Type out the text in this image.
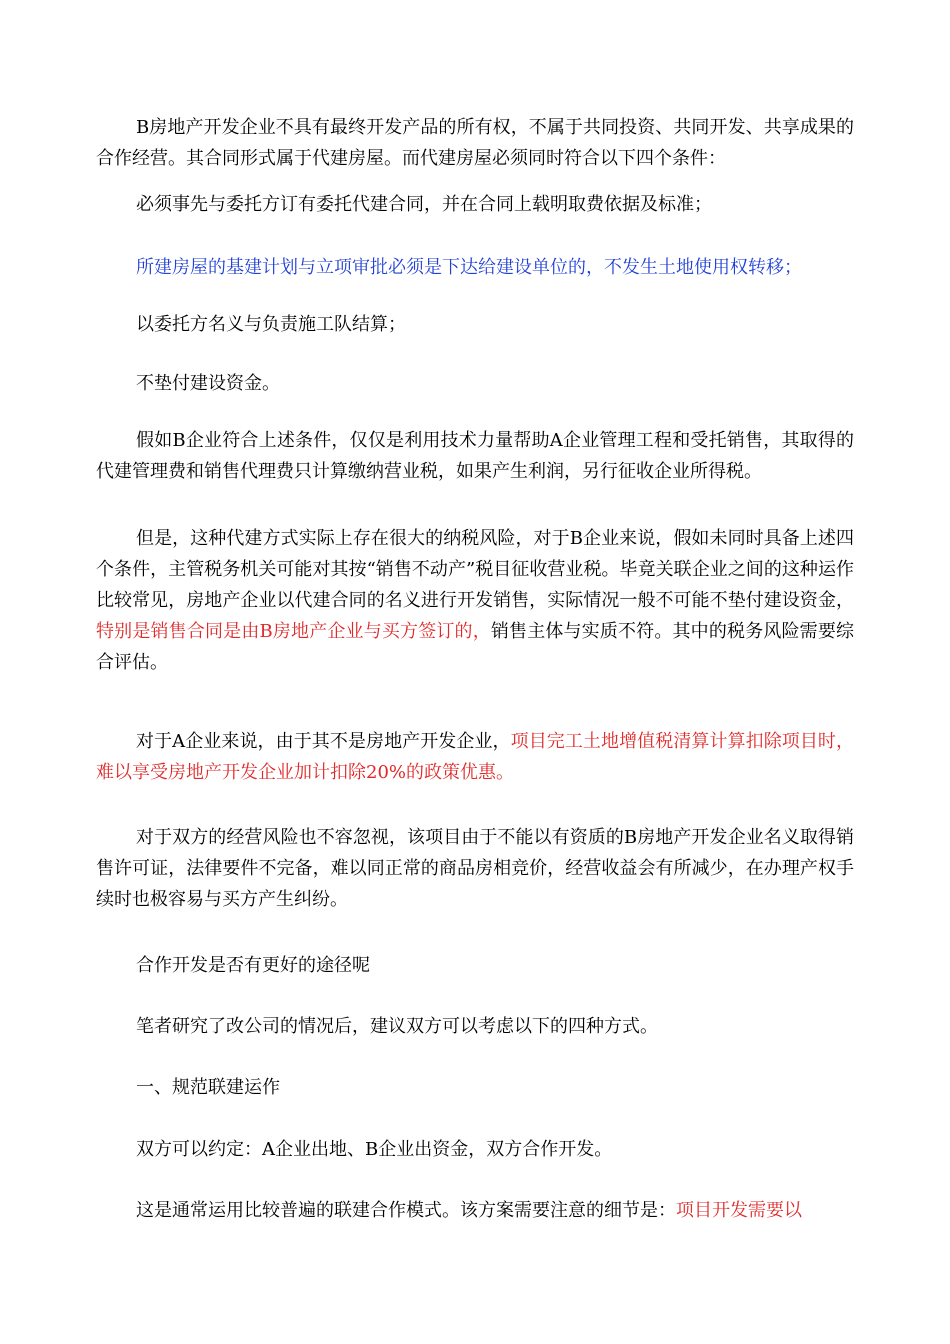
B房地产开发企业不具有最终开发产品的所有权，不属于共同投资、共同开发、共享成果的合作经营。其合同形式属于代建房屋。而代建房屋必须同时符合以下四个条件：

必须事先与委托方订有委托代建合同，并在合同上载明取费依据及标准；

所建房屋的基建计划与立项审批必须是下达给建设单位的，不发生土地使用权转移；

以委托方名义与负责施工队结算；

不垫付建设资金。

假如B企业符合上述条件，仅仅是利用技术力量帮助A企业管理工程和受托销售，其取得的代建管理费和销售代理费只计算缴纳营业税，如果产生利润，另行征收企业所得税。

但是，这种代建方式实际上存在很大的纳税风险，对于B企业来说，假如未同时具备上述四个条件，主管税务机关可能对其按“销售不动产”税目征收营业税。毕竟关联企业之间的这种运作比较常见，房地产企业以代建合同的名义进行开发销售，实际情况一般不可能不垫付建设资金，特别是销售合同是由B房地产企业与买方签订的，销售主体与实质不符。其中的税务风险需要综合评估。

对于A企业来说，由于其不是房地产开发企业，项目完工土地增值税清算计算扣除项目时，难以享受房地产开发企业加计扣除20%的政策优惠。

对于双方的经营风险也不容忽视，该项目由于不能以有资质的B房地产开发企业名义取得销售许可证，法律要件不完备，难以同正常的商品房相竞价，经营收益会有所减少，在办理产权手续时也极容易与买方产生纠纷。

合作开发是否有更好的途径呢

笔者研究了改公司的情况后，建议双方可以考虑以下的四种方式。

一、规范联建运作

双方可以约定：A企业出地、B企业出资金，双方合作开发。

这是通常运用比较普遍的联建合作模式。该方案需要注意的细节是：项目开发需要以
